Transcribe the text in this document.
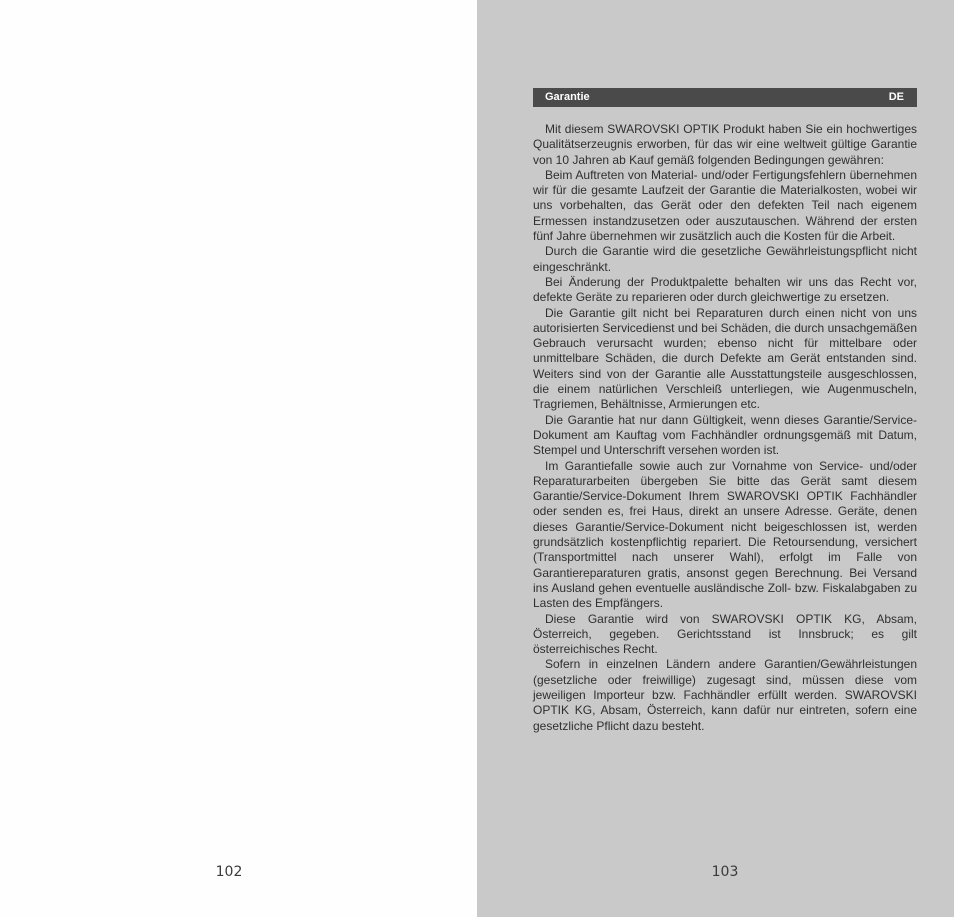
102
Garantie	DE

Mit diesem SWAROVSKI OPTIK Produkt haben Sie ein hochwertiges Qualitätserzeugnis erworben, für das wir eine weltweit gültige Garantie von 10 Jahren ab Kauf gemäß folgenden Bedingungen gewähren:

Beim Auftreten von Material- und/oder Fertigungsfehlern übernehmen wir für die gesamte Laufzeit der Garantie die Materialkosten, wobei wir uns vorbehalten, das Gerät oder den defekten Teil nach eigenem Ermessen instandzusetzen oder auszutauschen. Während der ersten fünf Jahre übernehmen wir zusätzlich auch die Kosten für die Arbeit.

Durch die Garantie wird die gesetzliche Gewährleistungspflicht nicht eingeschränkt.

Bei Änderung der Produktpalette behalten wir uns das Recht vor, defekte Geräte zu reparieren oder durch gleichwertige zu ersetzen.

Die Garantie gilt nicht bei Reparaturen durch einen nicht von uns autorisierten Servicedienst und bei Schäden, die durch unsachgemäßen Gebrauch verursacht wurden; ebenso nicht für mittelbare oder unmittelbare Schäden, die durch Defekte am Gerät entstanden sind. Weiters sind von der Garantie alle Ausstattungsteile ausgeschlossen, die einem natürlichen Verschleiß unterliegen, wie Augenmuscheln, Tragriemen, Behältnisse, Armierungen etc.

Die Garantie hat nur dann Gültigkeit, wenn dieses Garantie/Service-Dokument am Kauftag vom Fachhändler ordnungsgemäß mit Datum, Stempel und Unterschrift versehen worden ist.

Im Garantiefalle sowie auch zur Vornahme von Service- und/oder Reparaturarbeiten übergeben Sie bitte das Gerät samt diesem Garantie/Service-Dokument Ihrem SWAROVSKI OPTIK Fachhändler oder senden es, frei Haus, direkt an unsere Adresse. Geräte, denen dieses Garantie/Service-Dokument nicht beigeschlossen ist, werden grundsätzlich kostenpflichtig repariert. Die Retoursendung, versichert (Transportmittel nach unserer Wahl), erfolgt im Falle von Garantiereparaturen gratis, ansonst gegen Berechnung. Bei Versand ins Ausland gehen eventuelle ausländische Zoll- bzw. Fiskalabgaben zu Lasten des Empfängers.

Diese Garantie wird von SWAROVSKI OPTIK KG, Absam, Österreich, gegeben. Gerichtsstand ist Innsbruck; es gilt österreichisches Recht.

Sofern in einzelnen Ländern andere Garantien/Gewährleistungen (gesetzliche oder freiwillige) zugesagt sind, müssen diese vom jeweiligen Importeur bzw. Fachhändler erfüllt werden. SWAROVSKI OPTIK KG, Absam, Österreich, kann dafür nur eintreten, sofern eine gesetzliche Pflicht dazu besteht.

103
